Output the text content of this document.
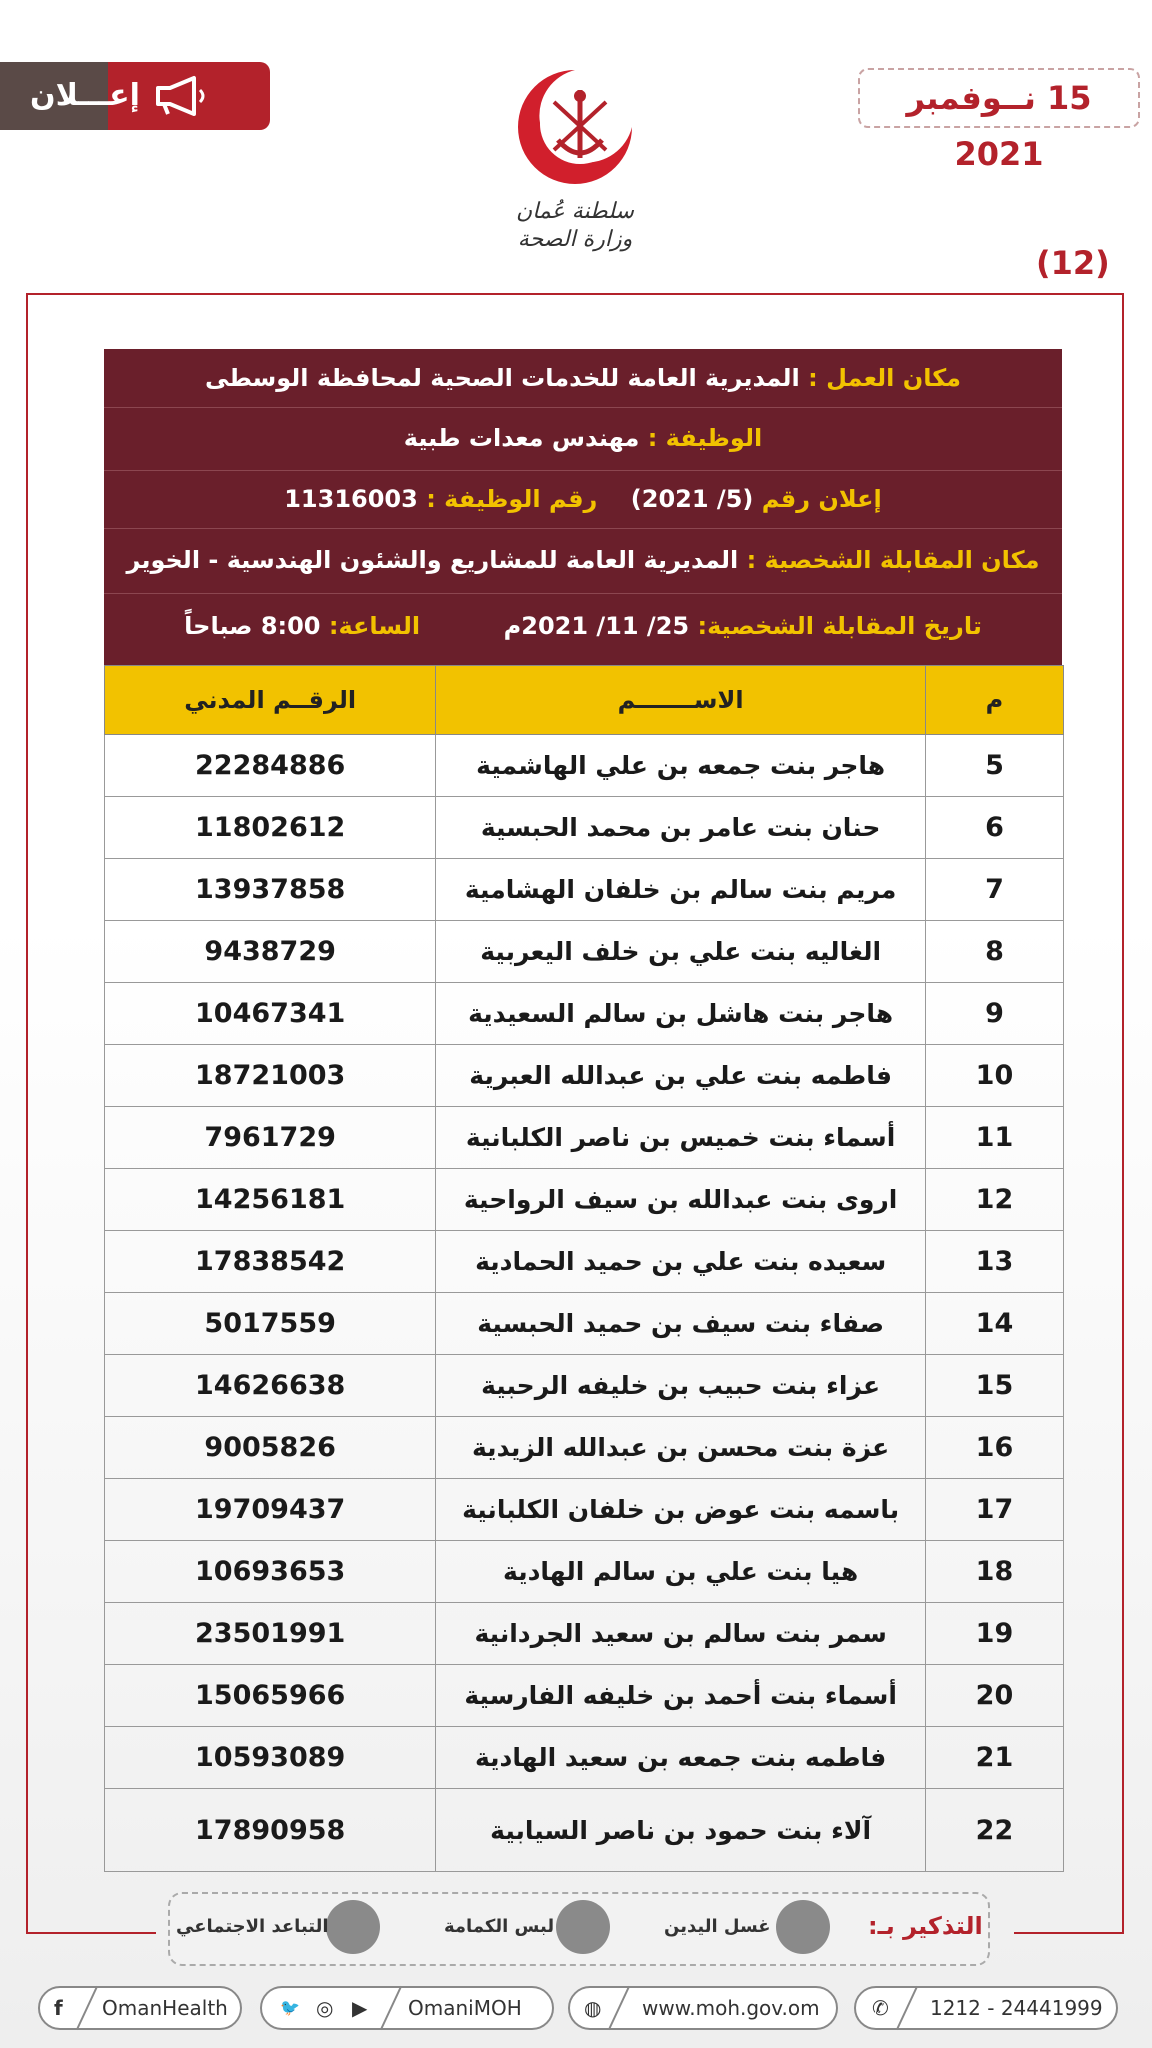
إعـــلان	15 نــوفمبر 2021
سلطنة عُمان
وزارة الصحة
(12)
مكان العمل : المديرية العامة للخدمات الصحية لمحافظة الوسطى
الوظيفة : مهندس معدات طبية
إعلان رقم (5/ 2021)    رقم الوظيفة : 11316003
مكان المقابلة الشخصية : المديرية العامة للمشاريع والشئون الهندسية - الخوير
تاريخ المقابلة الشخصية: 25/ 11/ 2021م          الساعة: 8:00 صباحاً
م	الاســـــــم	الرقــم المدني
5	هاجر بنت جمعه بن علي الهاشمية	22284886
6	حنان بنت عامر بن محمد الحبسية	11802612
7	مريم بنت سالم بن خلفان الهشامية	13937858
8	الغاليه بنت علي بن خلف اليعربية	9438729
9	هاجر بنت هاشل بن سالم السعيدية	10467341
10	فاطمه بنت علي بن عبدالله العبرية	18721003
11	أسماء بنت خميس بن ناصر الكلبانية	7961729
12	اروى بنت عبدالله بن سيف الرواحية	14256181
13	سعيده بنت علي بن حميد الحمادية	17838542
14	صفاء بنت سيف بن حميد الحبسية	5017559
15	عزاء بنت حبيب بن خليفه الرحبية	14626638
16	عزة بنت محسن بن عبدالله الزيدية	9005826
17	باسمه بنت عوض بن خلفان الكلبانية	19709437
18	هيا بنت علي بن سالم الهادية	10693653
19	سمر بنت سالم بن سعيد الجردانية	23501991
20	أسماء بنت أحمد بن خليفه الفارسية	15065966
21	فاطمه بنت جمعه بن سعيد الهادية	10593089
22	آلاء بنت حمود بن ناصر السيابية	17890958
التذكير بـ:
غسل اليدين
لبس الكمامة
التباعد الاجتماعي
f OmanHealth	🐦 ◎ ▶ OmaniMOH	◍ www.moh.gov.om	✆ 1212 - 24441999
